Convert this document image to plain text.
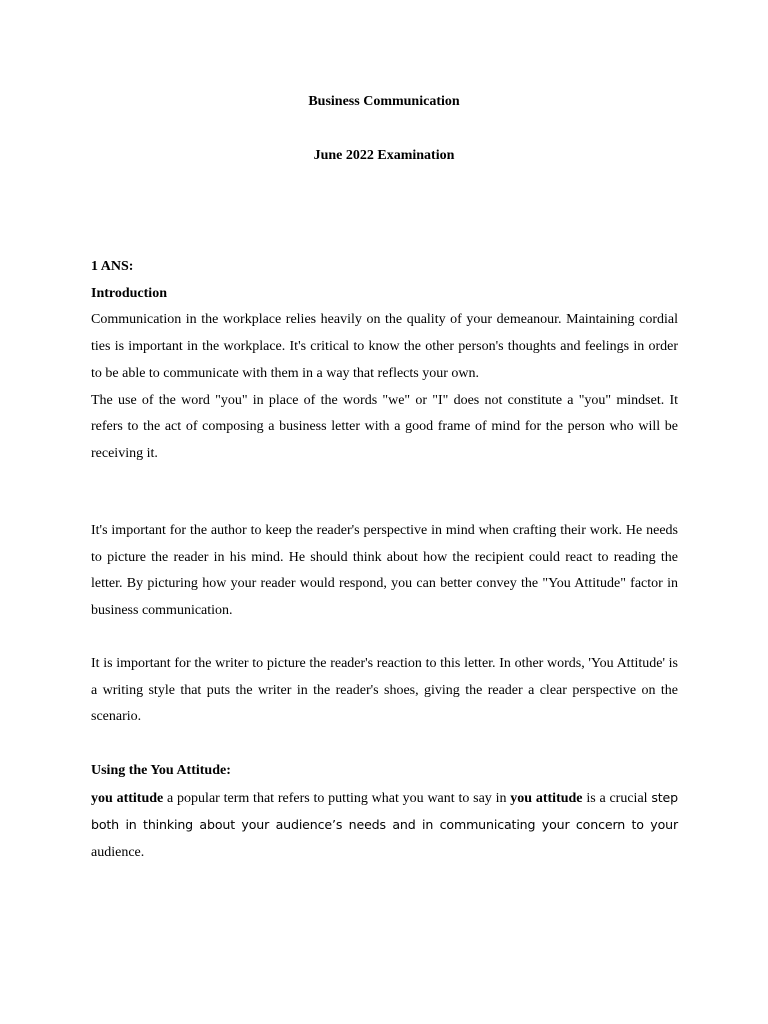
Business Communication
June 2022 Examination

1 ANS:

Introduction

Communication in the workplace relies heavily on the quality of your demeanour. Maintaining cordial ties is important in the workplace. It's critical to know the other person's thoughts and feelings in order to be able to communicate with them in a way that reflects your own.

The use of the word "you" in place of the words "we" or "I" does not constitute a "you" mindset. It refers to the act of composing a business letter with a good frame of mind for the person who will be receiving it.

It's important for the author to keep the reader's perspective in mind when crafting their work. He needs to picture the reader in his mind. He should think about how the recipient could react to reading the letter. By picturing how your reader would respond, you can better convey the "You Attitude" factor in business communication.

It is important for the writer to picture the reader's reaction to this letter. In other words, 'You Attitude' is a writing style that puts the writer in the reader's shoes, giving the reader a clear perspective on the scenario.

Using the You Attitude:

you attitude a popular term that refers to putting what you want to say in you attitude is a crucial step both in thinking about your audience’s needs and in communicating your concern to your audience.
